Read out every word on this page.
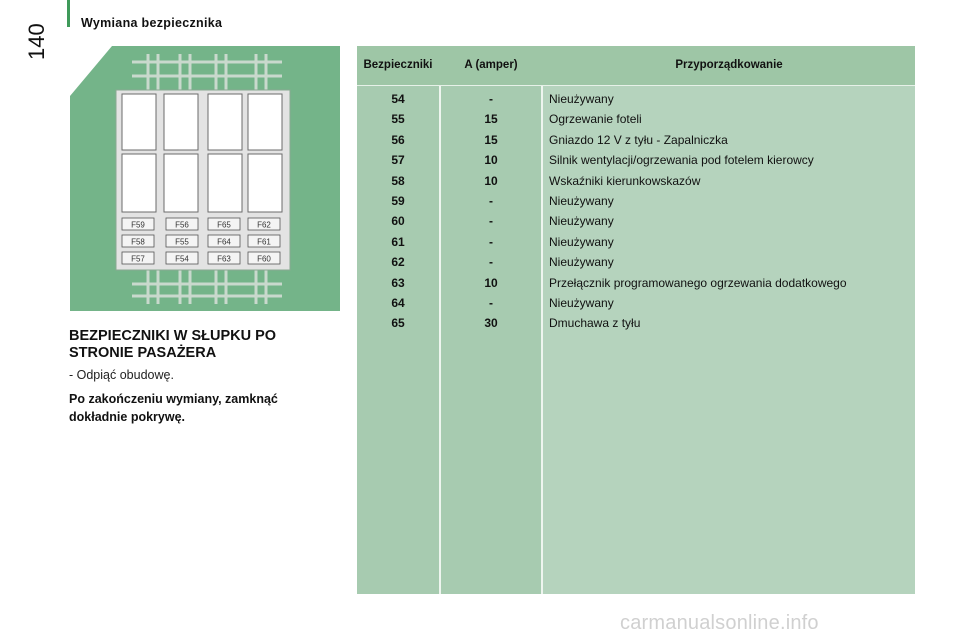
Wymiana bezpiecznika
140
F59	F56	F65	F62
F58	F55	F64	F61
F57	F54	F63	F60
BEZPIECZNIKI W SŁUPKU PO STRONIE PASAŻERA
- Odpiąć obudowę.
Po zakończeniu wymiany, zamknąć dokładnie pokrywę.
Bezpieczniki	A (amper)	Przyporządkowanie
54	-	Nieużywany
55	15	Ogrzewanie foteli
56	15	Gniazdo 12 V z tyłu - Zapalniczka
57	10	Silnik wentylacji/ogrzewania pod fotelem kierowcy
58	10	Wskaźniki kierunkowskazów
59	-	Nieużywany
60	-	Nieużywany
61	-	Nieużywany
62	-	Nieużywany
63	10	Przełącznik programowanego ogrzewania dodatkowego
64	-	Nieużywany
65	30	Dmuchawa z tyłu
carmanualsonline.info
